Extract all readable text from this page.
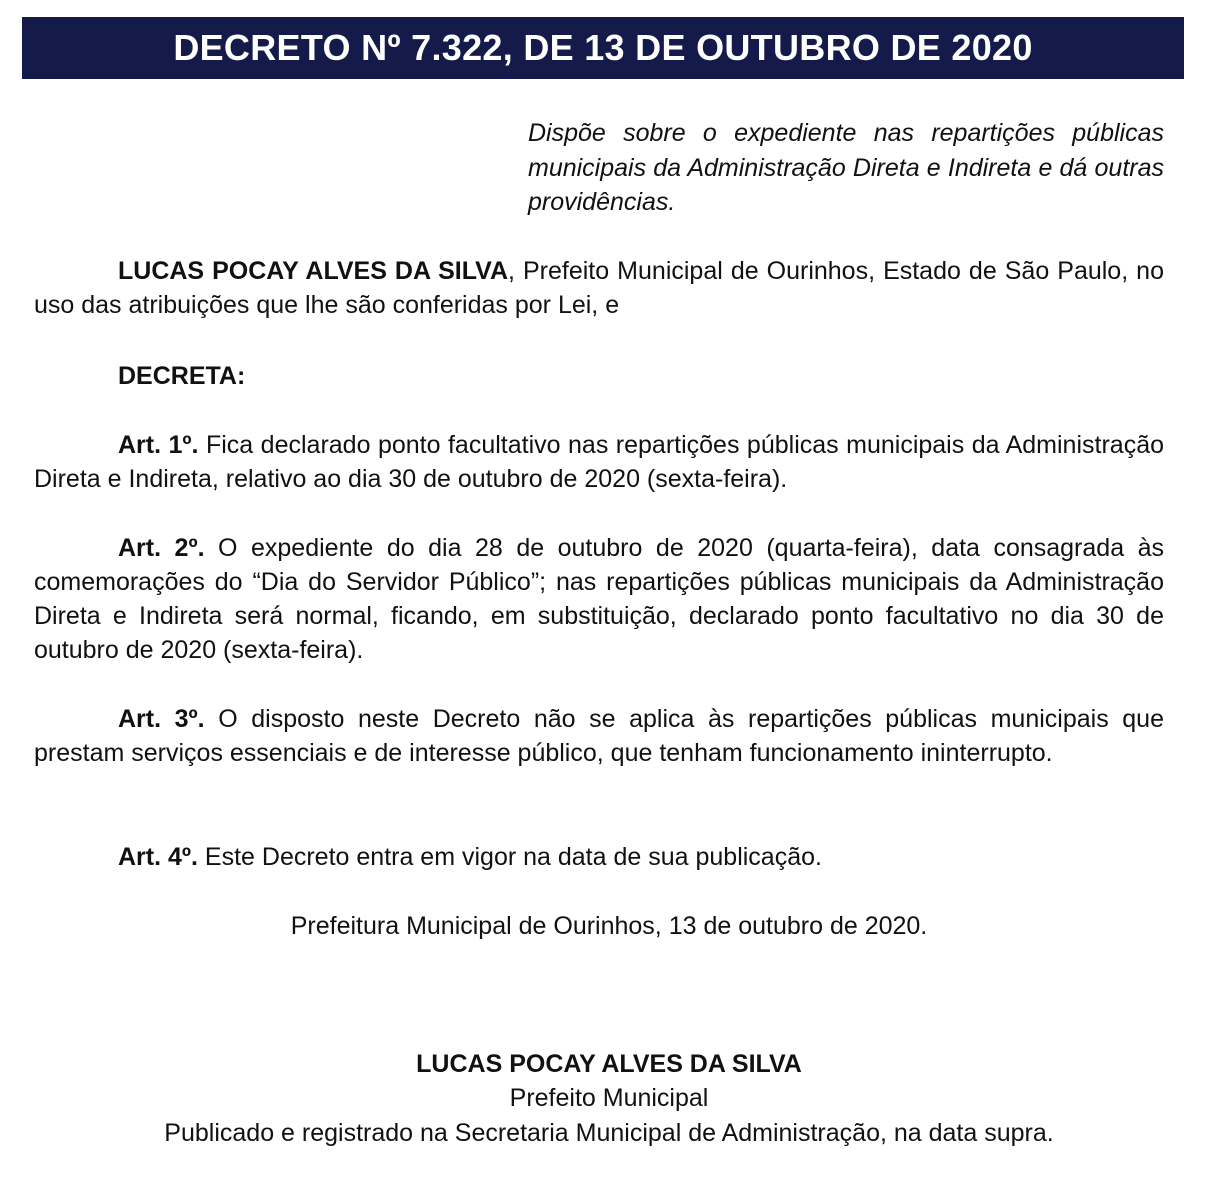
DECRETO Nº 7.322, DE 13 DE OUTUBRO DE 2020
Dispõe sobre o expediente nas repartições públicas municipais da Administração Direta e Indireta e dá outras providências.
LUCAS POCAY ALVES DA SILVA, Prefeito Municipal de Ourinhos, Estado de São Paulo, no uso das atribuições que lhe são conferidas por Lei, e
DECRETA:
Art. 1º. Fica declarado ponto facultativo nas repartições públicas municipais da Administração Direta e Indireta, relativo ao dia 30 de outubro de 2020 (sexta-feira).
Art. 2º. O expediente do dia 28 de outubro de 2020 (quarta-feira), data consagrada às comemorações do “Dia do Servidor Público”; nas repartições públicas municipais da Administração Direta e Indireta será normal, ficando, em substituição, declarado ponto facultativo no dia 30 de outubro de 2020 (sexta-feira).
Art. 3º. O disposto neste Decreto não se aplica às repartições públicas municipais que prestam serviços essenciais e de interesse público, que tenham funcionamento ininterrupto.
Art. 4º. Este Decreto entra em vigor na data de sua publicação.
Prefeitura Municipal de Ourinhos, 13 de outubro de 2020.
LUCAS POCAY ALVES DA SILVA
Prefeito Municipal
Publicado e registrado na Secretaria Municipal de Administração, na data supra.
